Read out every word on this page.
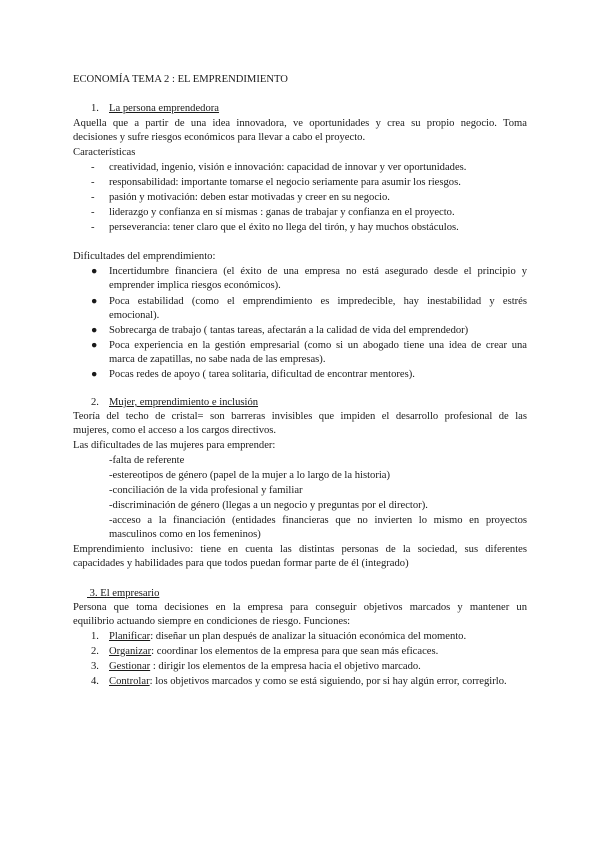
ECONOMÍA TEMA 2 : EL EMPRENDIMIENTO
1. La persona emprendedora
Aquella que a partir de una idea innovadora, ve oportunidades y crea su propio negocio. Toma
decisiones y sufre riesgos económicos para llevar a cabo el proyecto.
Características
- creatividad, ingenio, visión e innovación: capacidad de innovar y ver oportunidades.
- responsabilidad: importante tomarse el negocio seriamente para asumir los riesgos.
- pasión y motivación: deben estar motivadas y creer en su negocio.
- liderazgo y confianza en sí mismas : ganas de trabajar y confianza en el proyecto.
- perseverancia: tener claro que el éxito no llega del tirón, y hay muchos obstáculos.
Dificultades del emprendimiento:
● Incertidumbre financiera (el éxito de una empresa no está asegurado desde el principio y
emprender implica riesgos económicos).
● Poca estabilidad (como el emprendimiento es impredecible, hay inestabilidad y estrés
emocional).
● Sobrecarga de trabajo ( tantas tareas, afectarán a la calidad de vida del emprendedor)
● Poca experiencia en la gestión empresarial (como si un abogado tiene una idea de crear una
marca de zapatillas, no sabe nada de las empresas).
● Pocas redes de apoyo ( tarea solitaria, dificultad de encontrar mentores).
2. Mujer, emprendimiento e inclusión
Teoría del techo de cristal= son barreras invisibles que impiden el desarrollo profesional de las
mujeres, como el acceso a los cargos directivos.
Las dificultades de las mujeres para emprender:
-falta de referente
-estereotipos de género (papel de la mujer a lo largo de la historia)
-conciliación de la vida profesional y familiar
-discriminación de género (llegas a un negocio y preguntas por el director).
-acceso a la financiación (entidades financieras que no invierten lo mismo en proyectos
masculinos como en los femeninos)
Emprendimiento inclusivo: tiene en cuenta las distintas personas de la sociedad, sus diferentes
capacidades y habilidades para que todos puedan formar parte de él (integrado)
3. El empresario
Persona que toma decisiones en la empresa para conseguir objetivos marcados y mantener un
equilibrio actuando siempre en condiciones de riesgo. Funciones:
1. Planificar: diseñar un plan después de analizar la situación económica del momento.
2. Organizar: coordinar los elementos de la empresa para que sean más eficaces.
3. Gestionar : dirigir los elementos de la empresa hacia el objetivo marcado.
4. Controlar: los objetivos marcados y como se está siguiendo, por si hay algún error, corregirlo.
